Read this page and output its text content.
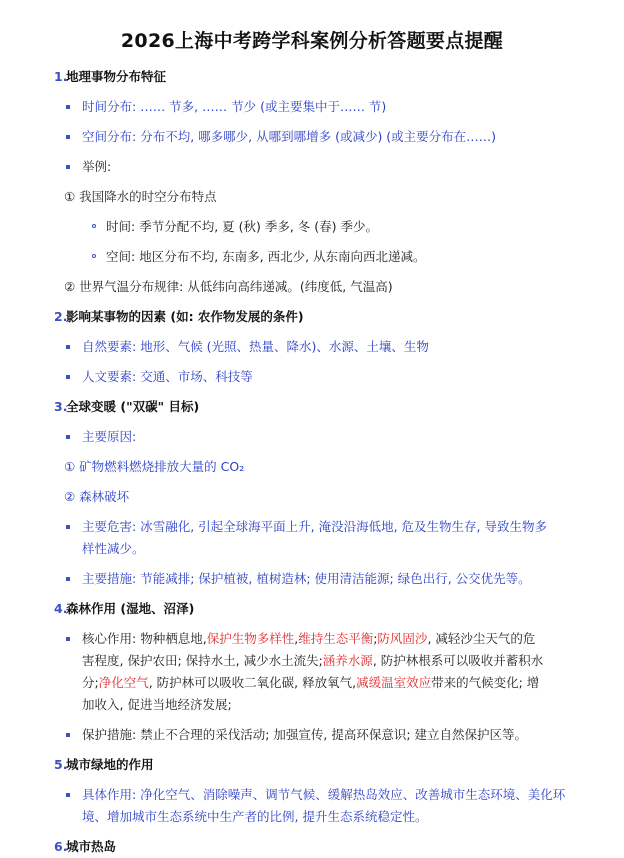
2026上海中考跨学科案例分析答题要点提醒
1.
地理事物分布特征
时间分布: …… 节多, …… 节少 (或主要集中于…… 节)
空间分布: 分布不均, 哪多哪少, 从哪到哪增多 (或减少) (或主要分布在……)
举例:
① 我国降水的时空分布特点
时间: 季节分配不均, 夏 (秋) 季多, 冬 (春) 季少。
空间: 地区分布不均, 东南多, 西北少, 从东南向西北递减。
② 世界气温分布规律: 从低纬向高纬递减。(纬度低, 气温高)
2.
影响某事物的因素 (如: 农作物发展的条件)
自然要素: 地形、气候 (光照、热量、降水)、水源、土壤、生物
人文要素: 交通、市场、科技等
3.
全球变暖 ("双碳" 目标)
主要原因:
① 矿物燃料燃烧排放大量的 CO₂
② 森林破坏
主要危害: 冰雪融化, 引起全球海平面上升, 淹没沿海低地, 危及生物生存, 导致生物多
样性减少。
主要措施: 节能减排; 保护植被, 植树造林; 使用清洁能源; 绿色出行, 公交优先等。
4.
森林作用 (湿地、沼泽)
核心作用: 物种栖息地,保护生物多样性,维持生态平衡;防风固沙, 减轻沙尘天气的危
害程度, 保护农田; 保持水土, 减少水土流失;涵养水源, 防护林根系可以吸收并蓄积水
分;净化空气, 防护林可以吸收二氧化碳, 释放氧气,减缓温室效应带来的气候变化; 增
加收入, 促进当地经济发展;
保护措施: 禁止不合理的采伐活动; 加强宣传, 提高环保意识; 建立自然保护区等。
5.
城市绿地的作用
具体作用: 净化空气、消除噪声、调节气候、缓解热岛效应、改善城市生态环境、美化环
境、增加城市生态系统中生产者的比例, 提升生态系统稳定性。
6.
城市热岛
